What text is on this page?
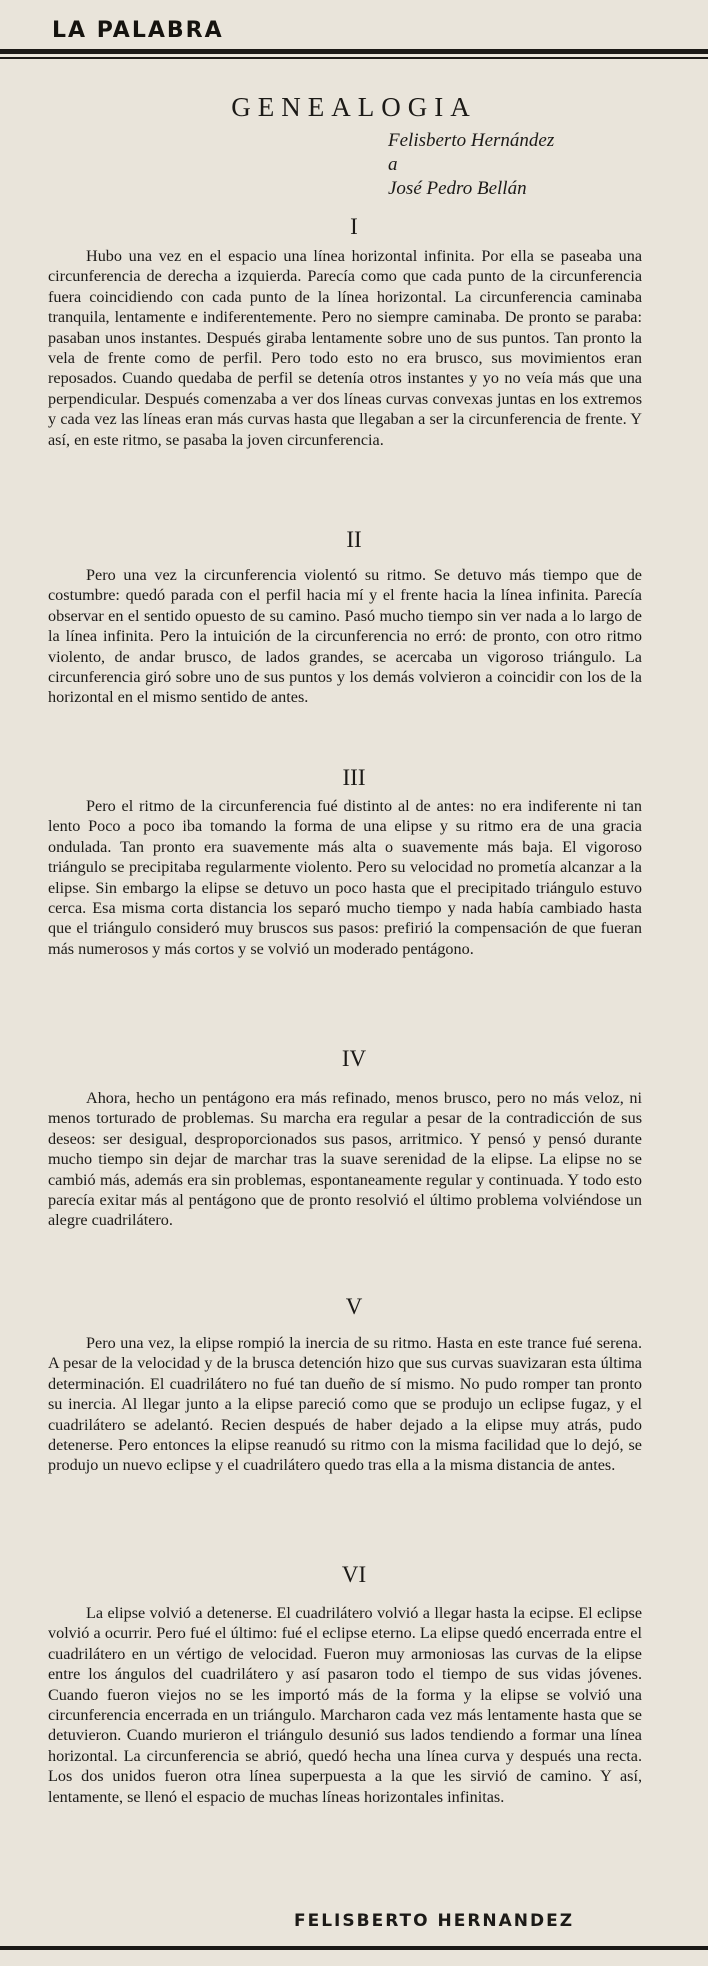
LA PALABRA
GENEALOGIA
Felisberto Hernández
a
José Pedro Bellán
I

Hubo una vez en el espacio una línea horizontal infinita. Por ella se paseaba una circunferencia de derecha a izquierda. Parecía como que cada punto de la circunferencia fuera coincidiendo con cada punto de la línea horizontal. La circunferencia caminaba tranquila, lentamente e indiferentemente. Pero no siempre caminaba. De pronto se paraba: pasaban unos instantes. Después giraba lentamente sobre uno de sus puntos. Tan pronto la vela de frente como de perfil. Pero todo esto no era brusco, sus movimientos eran reposados. Cuando quedaba de perfil se detenía otros instantes y yo no veía más que una perpendicular. Después comenzaba a ver dos líneas curvas convexas juntas en los extremos y cada vez las líneas eran más curvas hasta que llegaban a ser la circunferencia de frente. Y así, en este ritmo, se pasaba la joven circunferencia.

II

Pero una vez la circunferencia violentó su ritmo. Se detuvo más tiempo que de costumbre: quedó parada con el perfil hacia mí y el frente hacia la línea infinita. Parecía observar en el sentido opuesto de su camino. Pasó mucho tiempo sin ver nada a lo largo de la línea infinita. Pero la intuición de la circunferencia no erró: de pronto, con otro ritmo violento, de andar brusco, de lados grandes, se acercaba un vigoroso triángulo. La circunferencia giró sobre uno de sus puntos y los demás volvieron a coincidir con los de la horizontal en el mismo sentido de antes.

III

Pero el ritmo de la circunferencia fué distinto al de antes: no era indiferente ni tan lento Poco a poco iba tomando la forma de una elipse y su ritmo era de una gracia ondulada. Tan pronto era suavemente más alta o suavemente más baja. El vigoroso triángulo se precipitaba regularmente violento. Pero su velocidad no prometía alcanzar a la elipse. Sin embargo la elipse se detuvo un poco hasta que el precipitado triángulo estuvo cerca. Esa misma corta distancia los separó mucho tiempo y nada había cambiado hasta que el triángulo consideró muy bruscos sus pasos: prefirió la compensación de que fueran más numerosos y más cortos y se volvió un moderado pentágono.

IV

Ahora, hecho un pentágono era más refinado, menos brusco, pero no más veloz, ni menos torturado de problemas. Su marcha era regular a pesar de la contradicción de sus deseos: ser desigual, desproporcionados sus pasos, arritmico. Y pensó y pensó durante mucho tiempo sin dejar de marchar tras la suave serenidad de la elipse. La elipse no se cambió más, además era sin problemas, espontaneamente regular y continuada. Y todo esto parecía exitar más al pentágono que de pronto resolvió el último problema volviéndose un alegre cuadrilátero.

V

Pero una vez, la elipse rompió la inercia de su ritmo. Hasta en este trance fué serena. A pesar de la velocidad y de la brusca detención hizo que sus curvas suavizaran esta última determinación. El cuadrilátero no fué tan dueño de sí mismo. No pudo romper tan pronto su inercia. Al llegar junto a la elipse pareció como que se produjo un eclipse fugaz, y el cuadrilátero se adelantó. Recien después de haber dejado a la elipse muy atrás, pudo detenerse. Pero entonces la elipse reanudó su ritmo con la misma facilidad que lo dejó, se produjo un nuevo eclipse y el cuadrilátero quedo tras ella a la misma distancia de antes.

VI

La elipse volvió a detenerse. El cuadrilátero volvió a llegar hasta la ecipse. El eclipse volvió a ocurrir. Pero fué el último: fué el eclipse eterno. La elipse quedó encerrada entre el cuadrilátero en un vértigo de velocidad. Fueron muy armoniosas las curvas de la elipse entre los ángulos del cuadrilátero y así pasaron todo el tiempo de sus vidas jóvenes. Cuando fueron viejos no se les importó más de la forma y la elipse se volvió una circunferencia encerrada en un triángulo. Marcharon cada vez más lentamente hasta que se detuvieron. Cuando murieron el triángulo desunió sus lados tendiendo a formar una línea horizontal. La circunferencia se abrió, quedó hecha una línea curva y después una recta. Los dos unidos fueron otra línea superpuesta a la que les sirvió de camino. Y así, lentamente, se llenó el espacio de muchas líneas horizontales infinitas.

FELISBERTO HERNANDEZ
